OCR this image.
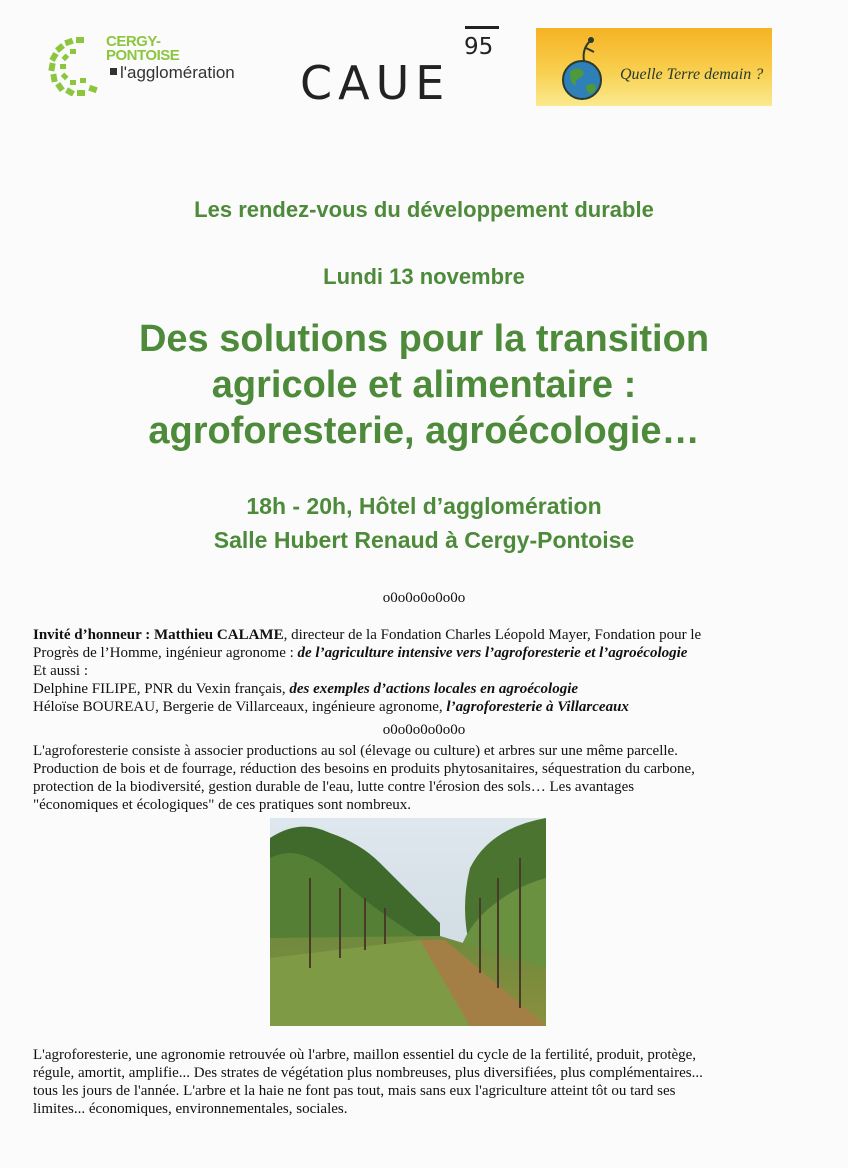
CERGY-
PONTOISE
l'agglomération
95
CAUE	Quelle Terre demain ?
Les rendez-vous du développement durable
Lundi 13 novembre
Des solutions pour la transition
agricole et alimentaire :
agroforesterie, agroécologie…
18h - 20h, Hôtel d’agglomération
Salle Hubert Renaud à Cergy-Pontoise
o0o0o0o0o0o
Invité d’honneur : Matthieu CALAME, directeur de la Fondation Charles Léopold Mayer, Fondation pour le
Progrès de l’Homme, ingénieur agronome : de l’agriculture intensive vers l’agroforesterie et l’agroécologie
Et aussi :
Delphine FILIPE, PNR du Vexin français, des exemples d’actions locales en agroécologie
Héloïse BOUREAU, Bergerie de Villarceaux, ingénieure agronome, l’agroforesterie à Villarceaux
o0o0o0o0o0o
L'agroforesterie consiste à associer productions au sol (élevage ou culture) et arbres sur une même parcelle.
Production de bois et de fourrage, réduction des besoins en produits phytosanitaires, séquestration du carbone,
protection de la biodiversité, gestion durable de l'eau, lutte contre l'érosion des sols… Les avantages
"économiques et écologiques" de ces pratiques sont nombreux.
L'agroforesterie, une agronomie retrouvée où l'arbre, maillon essentiel du cycle de la fertilité, produit, protège,
régule, amortit, amplifie... Des strates de végétation plus nombreuses, plus diversifiées, plus complémentaires...
tous les jours de l'année. L'arbre et la haie ne font pas tout, mais sans eux l'agriculture atteint tôt ou tard ses
limites... économiques, environnementales, sociales.
